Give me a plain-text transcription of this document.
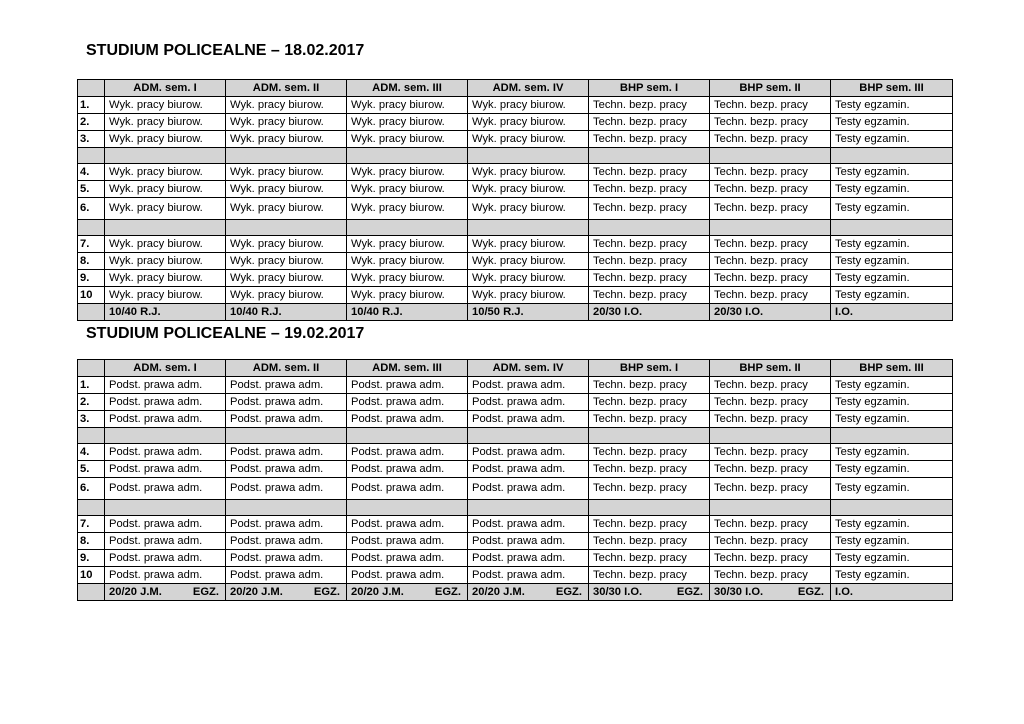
STUDIUM POLICEALNE – 18.02.2017
	ADM. sem. I	ADM. sem. II	ADM. sem. III	ADM. sem. IV	BHP sem. I	BHP sem. II	BHP sem. III
1.	Wyk. pracy biurow.	Wyk. pracy biurow.	Wyk. pracy biurow.	Wyk. pracy biurow.	Techn. bezp. pracy	Techn. bezp. pracy	Testy egzamin.
2.	Wyk. pracy biurow.	Wyk. pracy biurow.	Wyk. pracy biurow.	Wyk. pracy biurow.	Techn. bezp. pracy	Techn. bezp. pracy	Testy egzamin.
3.	Wyk. pracy biurow.	Wyk. pracy biurow.	Wyk. pracy biurow.	Wyk. pracy biurow.	Techn. bezp. pracy	Techn. bezp. pracy	Testy egzamin.

4.	Wyk. pracy biurow.	Wyk. pracy biurow.	Wyk. pracy biurow.	Wyk. pracy biurow.	Techn. bezp. pracy	Techn. bezp. pracy	Testy egzamin.
5.	Wyk. pracy biurow.	Wyk. pracy biurow.	Wyk. pracy biurow.	Wyk. pracy biurow.	Techn. bezp. pracy	Techn. bezp. pracy	Testy egzamin.
6.	Wyk. pracy biurow.	Wyk. pracy biurow.	Wyk. pracy biurow.	Wyk. pracy biurow.	Techn. bezp. pracy	Techn. bezp. pracy	Testy egzamin.

7.	Wyk. pracy biurow.	Wyk. pracy biurow.	Wyk. pracy biurow.	Wyk. pracy biurow.	Techn. bezp. pracy	Techn. bezp. pracy	Testy egzamin.
8.	Wyk. pracy biurow.	Wyk. pracy biurow.	Wyk. pracy biurow.	Wyk. pracy biurow.	Techn. bezp. pracy	Techn. bezp. pracy	Testy egzamin.
9.	Wyk. pracy biurow.	Wyk. pracy biurow.	Wyk. pracy biurow.	Wyk. pracy biurow.	Techn. bezp. pracy	Techn. bezp. pracy	Testy egzamin.
10	Wyk. pracy biurow.	Wyk. pracy biurow.	Wyk. pracy biurow.	Wyk. pracy biurow.	Techn. bezp. pracy	Techn. bezp. pracy	Testy egzamin.

	10/40 R.J.	10/40 R.J.	10/40 R.J.	10/50 R.J.	20/30 I.O.	20/30 I.O.	I.O.
STUDIUM POLICEALNE – 19.02.2017
	ADM. sem. I	ADM. sem. II	ADM. sem. III	ADM. sem. IV	BHP sem. I	BHP sem. II	BHP sem. III
1.	Podst. prawa adm.	Podst. prawa adm.	Podst. prawa adm.	Podst. prawa adm.	Techn. bezp. pracy	Techn. bezp. pracy	Testy egzamin.
2.	Podst. prawa adm.	Podst. prawa adm.	Podst. prawa adm.	Podst. prawa adm.	Techn. bezp. pracy	Techn. bezp. pracy	Testy egzamin.
3.	Podst. prawa adm.	Podst. prawa adm.	Podst. prawa adm.	Podst. prawa adm.	Techn. bezp. pracy	Techn. bezp. pracy	Testy egzamin.

4.	Podst. prawa adm.	Podst. prawa adm.	Podst. prawa adm.	Podst. prawa adm.	Techn. bezp. pracy	Techn. bezp. pracy	Testy egzamin.
5.	Podst. prawa adm.	Podst. prawa adm.	Podst. prawa adm.	Podst. prawa adm.	Techn. bezp. pracy	Techn. bezp. pracy	Testy egzamin.
6.	Podst. prawa adm.	Podst. prawa adm.	Podst. prawa adm.	Podst. prawa adm.	Techn. bezp. pracy	Techn. bezp. pracy	Testy egzamin.

7.	Podst. prawa adm.	Podst. prawa adm.	Podst. prawa adm.	Podst. prawa adm.	Techn. bezp. pracy	Techn. bezp. pracy	Testy egzamin.
8.	Podst. prawa adm.	Podst. prawa adm.	Podst. prawa adm.	Podst. prawa adm.	Techn. bezp. pracy	Techn. bezp. pracy	Testy egzamin.
9.	Podst. prawa adm.	Podst. prawa adm.	Podst. prawa adm.	Podst. prawa adm.	Techn. bezp. pracy	Techn. bezp. pracy	Testy egzamin.
10	Podst. prawa adm.	Podst. prawa adm.	Podst. prawa adm.	Podst. prawa adm.	Techn. bezp. pracy	Techn. bezp. pracy	Testy egzamin.

	20/20 J.M. EGZ.	20/20 J.M. EGZ.	20/20 J.M. EGZ.	20/20 J.M. EGZ.	30/30 I.O. EGZ.	30/30 I.O. EGZ.	I.O.
